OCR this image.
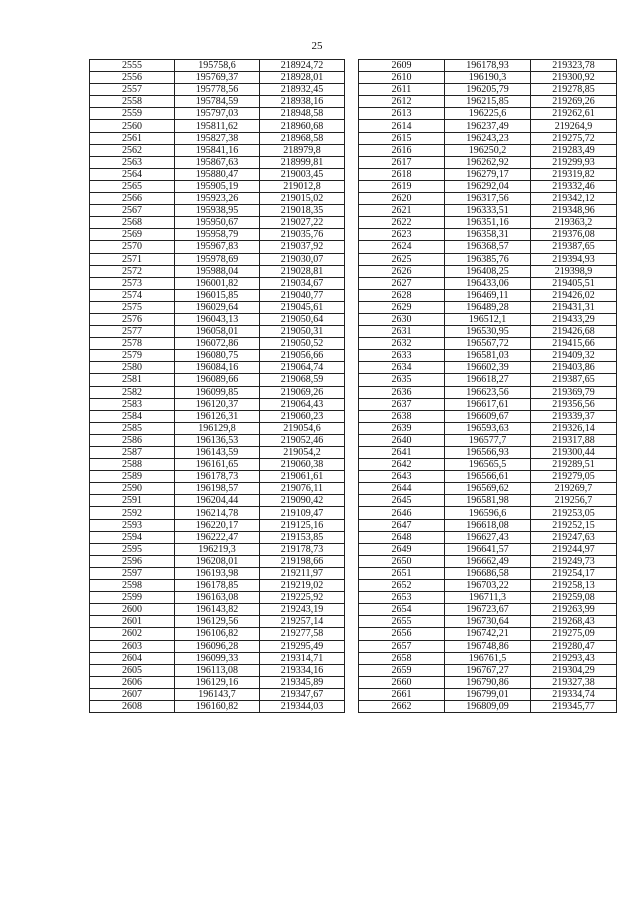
25
2555	195758,6	218924,72		2609	196178,93	219323,78
2556	195769,37	218928,01		2610	196190,3	219300,92
2557	195778,56	218932,45		2611	196205,79	219278,85
2558	195784,59	218938,16		2612	196215,85	219269,26
2559	195797,03	218948,58		2613	196225,6	219262,61
2560	195811,62	218960,68		2614	196237,49	219264,9
2561	195827,38	218968,58		2615	196243,23	219275,72
2562	195841,16	218979,8		2616	196250,2	219283,49
2563	195867,63	218999,81		2617	196262,92	219299,93
2564	195880,47	219003,45		2618	196279,17	219319,82
2565	195905,19	219012,8		2619	196292,04	219332,46
2566	195923,26	219015,02		2620	196317,56	219342,12
2567	195938,95	219018,35		2621	196333,51	219348,96
2568	195950,67	219027,22		2622	196351,16	219363,2
2569	195958,79	219035,76		2623	196358,31	219376,08
2570	195967,83	219037,92		2624	196368,57	219387,65
2571	195978,69	219030,07		2625	196385,76	219394,93
2572	195988,04	219028,81		2626	196408,25	219398,9
2573	196001,82	219034,67		2627	196433,06	219405,51
2574	196015,85	219040,77		2628	196469,11	219426,02
2575	196029,64	219045,61		2629	196489,28	219431,31
2576	196043,13	219050,64		2630	196512,1	219433,29
2577	196058,01	219050,31		2631	196530,95	219426,68
2578	196072,86	219050,52		2632	196567,72	219415,66
2579	196080,75	219056,66		2633	196581,03	219409,32
2580	196084,16	219064,74		2634	196602,39	219403,86
2581	196089,66	219068,59		2635	196618,27	219387,65
2582	196099,85	219069,26		2636	196623,56	219369,79
2583	196120,37	219064,43		2637	196617,61	219356,56
2584	196126,31	219060,23		2638	196609,67	219339,37
2585	196129,8	219054,6		2639	196593,63	219326,14
2586	196136,53	219052,46		2640	196577,7	219317,88
2587	196143,59	219054,2		2641	196566,93	219300,44
2588	196161,65	219060,38		2642	196565,5	219289,51
2589	196178,73	219061,61		2643	196566,61	219279,05
2590	196198,57	219076,11		2644	196569,62	219269,7
2591	196204,44	219090,42		2645	196581,98	219256,7
2592	196214,78	219109,47		2646	196596,6	219253,05
2593	196220,17	219125,16		2647	196618,08	219252,15
2594	196222,47	219153,85		2648	196627,43	219247,63
2595	196219,3	219178,73		2649	196641,57	219244,97
2596	196208,01	219198,66		2650	196662,49	219249,73
2597	196193,98	219211,97		2651	196686,58	219254,17
2598	196178,85	219219,02		2652	196703,22	219258,13
2599	196163,08	219225,92		2653	196711,3	219259,08
2600	196143,82	219243,19		2654	196723,67	219263,99
2601	196129,56	219257,14		2655	196730,64	219268,43
2602	196106,82	219277,58		2656	196742,21	219275,09
2603	196096,28	219295,49		2657	196748,86	219280,47
2604	196099,33	219314,71		2658	196761,5	219293,43
2605	196113,08	219334,16		2659	196767,27	219304,29
2606	196129,16	219345,89		2660	196790,86	219327,38
2607	196143,7	219347,67		2661	196799,01	219334,74
2608	196160,82	219344,03		2662	196809,09	219345,77
